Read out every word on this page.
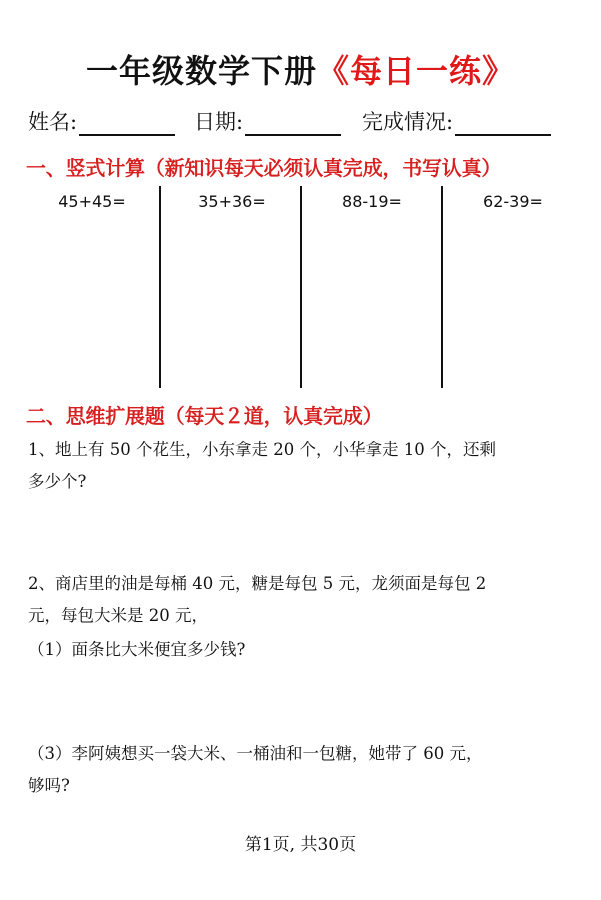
一年级数学下册《每日一练》
姓名:	日期:	完成情况:
一、竖式计算（新知识每天必须认真完成，书写认真）
45+45=	35+36=	88-19=	62-39=
二、思维扩展题（每天２道，认真完成）
1、地上有 50 个花生，小东拿走 20 个，小华拿走 10 个，还剩
多少个?
2、商店里的油是每桶 40 元，糖是每包 5 元，龙须面是每包 2
元，每包大米是 20 元，
（1）面条比大米便宜多少钱?
（3）李阿姨想买一袋大米、一桶油和一包糖，她带了 60 元，
够吗?
第1页, 共30页
